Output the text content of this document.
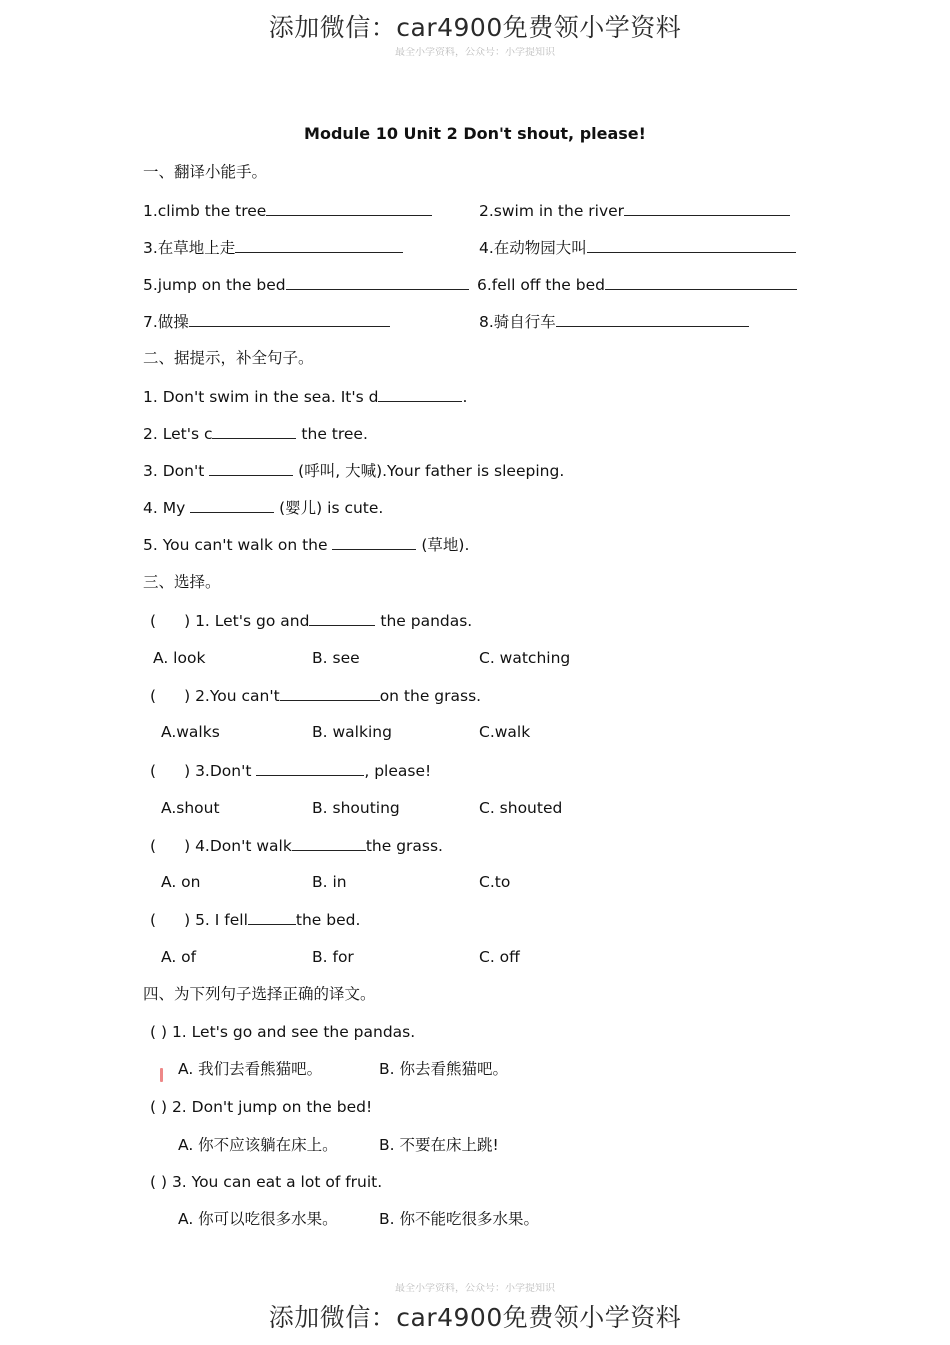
添加微信：car4900免费领小学资料
最全小学资料，公众号：小学提知识
Module 10 Unit 2 Don't shout, please!
一、翻译小能手。
1.climb the tree	2.swim in the river
3.在草地上走	4.在动物园大叫
5.jump on the bed	6.fell off the bed
7.做操	8.骑自行车
二、据提示，补全句子。
1. Don't swim in the sea. It's d	.
2. Let's c	the tree.
3. Don't	(呼叫, 大喊).Your father is sleeping.
4. My	(婴儿) is cute.
5. You can't walk on the	(草地).
三、选择。
( ) 1. Let's go and	the pandas.
A. look	B. see	C. watching
( ) 2.You can't	on the grass.
A.walks	B. walking	C.walk
( ) 3.Don't	, please!
A.shout	B. shouting	C. shouted
( ) 4.Don't walk	the grass.
A. on	B. in	C.to
( ) 5. I fell	the bed.
A. of	B. for	C. off
四、为下列句子选择正确的译文。
( ) 1. Let's go and see the pandas.
A. 我们去看熊猫吧。	B. 你去看熊猫吧。
( ) 2. Don't jump on the bed!
A. 你不应该躺在床上。	B. 不要在床上跳!
( ) 3. You can eat a lot of fruit.
A. 你可以吃很多水果。	B. 你不能吃很多水果。
最全小学资料，公众号：小学提知识
添加微信：car4900免费领小学资料
